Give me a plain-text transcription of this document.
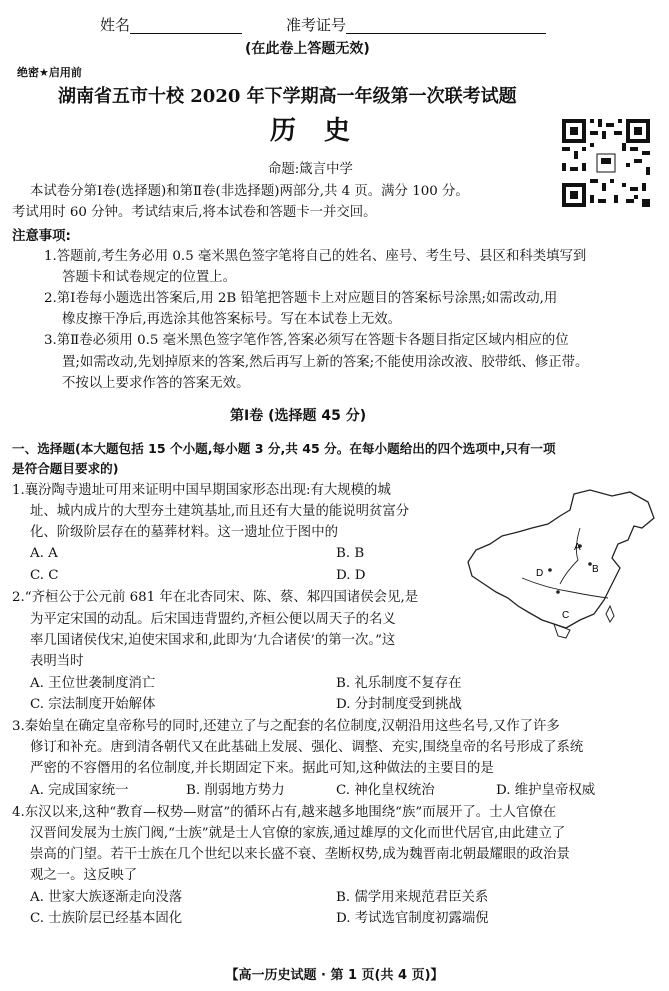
姓名	准考证号
(在此卷上答题无效)
绝密★启用前
湖南省五市十校 2020 年下学期高一年级第一次联考试题
历史
命题:箴言中学
本试卷分第Ⅰ卷(选择题)和第Ⅱ卷(非选择题)两部分,共 4 页。满分 100 分。
考试用时 60 分钟。考试结束后,将本试卷和答题卡一并交回。
注意事项:
1.答题前,考生务必用 0.5 毫米黑色签字笔将自己的姓名、座号、考生号、县区和科类填写到
答题卡和试卷规定的位置上。
2.第Ⅰ卷每小题选出答案后,用 2B 铅笔把答题卡上对应题目的答案标号涂黑;如需改动,用
橡皮擦干净后,再选涂其他答案标号。写在本试卷上无效。
3.第Ⅱ卷必须用 0.5 毫米黑色签字笔作答,答案必须写在答题卡各题目指定区域内相应的位
置;如需改动,先划掉原来的答案,然后再写上新的答案;不能使用涂改液、胶带纸、修正带。
不按以上要求作答的答案无效。
第Ⅰ卷 (选择题 45 分)
一、选择题(本大题包括 15 个小题,每小题 3 分,共 45 分。在每小题给出的四个选项中,只有一项
是符合题目要求的)
1.襄汾陶寺遗址可用来证明中国早期国家形态出现:有大规模的城
址、城内成片的大型夯土建筑基址,而且还有大量的能说明贫富分
化、阶级阶层存在的墓葬材料。这一遗址位于图中的
A. A	B. B
C. C	D. D
A
B
C
D
2.“齐桓公于公元前 681 年在北杏同宋、陈、蔡、邾四国诸侯会见,是
为平定宋国的动乱。后宋国违背盟约,齐桓公便以周天子的名义
率几国诸侯伐宋,迫使宋国求和,此即为‘九合诸侯’的第一次。”这
表明当时
A. 王位世袭制度消亡	B. 礼乐制度不复存在
C. 宗法制度开始解体	D. 分封制度受到挑战
3.秦始皇在确定皇帝称号的同时,还建立了与之配套的名位制度,汉朝沿用这些名号,又作了许多
修订和补充。唐到清各朝代又在此基础上发展、强化、调整、充实,围绕皇帝的名号形成了系统
严密的不容僭用的名位制度,并长期固定下来。据此可知,这种做法的主要目的是
A. 完成国家统一	B. 削弱地方势力	C. 神化皇权统治	D. 维护皇帝权威
4.东汉以来,这种“教育—权势—财富”的循环占有,越来越多地围绕“族”而展开了。士人官僚在
汉晋间发展为士族门阀,“士族”就是士人官僚的家族,通过雄厚的文化而世代居官,由此建立了
崇高的门望。若干士族在几个世纪以来长盛不衰、垄断权势,成为魏晋南北朝最耀眼的政治景
观之一。这反映了
A. 世家大族逐渐走向没落	B. 儒学用来规范君臣关系
C. 士族阶层已经基本固化	D. 考试选官制度初露端倪
【高一历史试题 · 第 1 页(共 4 页)】
